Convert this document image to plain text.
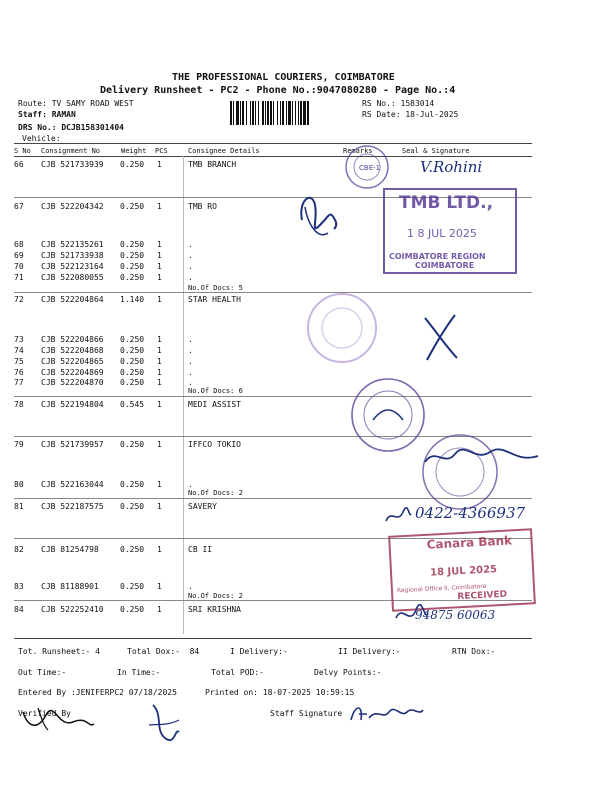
THE PROFESSIONAL COURIERS, COIMBATORE
Delivery Runsheet - PC2 - Phone No.:9047080280 - Page No.:4
Route: TV SAMY ROAD WEST
Staff: RAMAN
DRS No.: DCJB158301404
Vehicle:
RS No.: 1583014
RS Date: 18-Jul-2025
S No Consignment No	Weight PCS	Consignee Details	Remarks	Seal & Signature
66 CJB 521733939 0.250 1	TMB BRANCH
67 CJB 522204342 0.250 1	TMB RO
68 CJB 522135261 0.250 1	.
69 CJB 521733938 0.250 1	.
70 CJB 522123164 0.250 1	.
71 CJB 522080055 0.250 1	.
72 CJB 522204864 1.140 1	STAR HEALTH
73 CJB 522204866 0.250 1	.
74 CJB 522204868 0.250 1	.
75 CJB 522204865 0.250 1	.
76 CJB 522204869 0.250 1	.
77 CJB 522204870 0.250 1	.
78 CJB 522194804 0.545 1	MEDI ASSIST
79 CJB 521739957 0.250 1	IFFCO TOKIO
80 CJB 522163044 0.250 1	.
81 CJB 522187575 0.250 1	SAVERY
82 CJB 81254798	0.250 1	CB II
83 CJB 81188901	0.250 1	.
84 CJB 522252410 0.250 1	SRI KRISHNA
No.Of Docs: 5
No.Of Docs: 6
No.Of Docs: 2
No.Of Docs: 2
Tot. Runsheet:- 4	Total Dox:-  84	I Delivery:-	II Delivery:-	RTN Dox:-
Out Time:-	In Time:-	Total POD:-	Delvy Points:-
Entered By :JENIFERPC2 07/18/2025	Printed on: 18-07-2025 10:59:15
Verified By	Staff Signature
CBE-1	V.Rohini
TMB LTD.,
1 8 JUL 2025
COIMBATORE REGION
COIMBATORE
0422-4366937
Canara Bank
18 JUL 2025
Regional Office II, Coimbatore
RECEIVED
94875 60063
